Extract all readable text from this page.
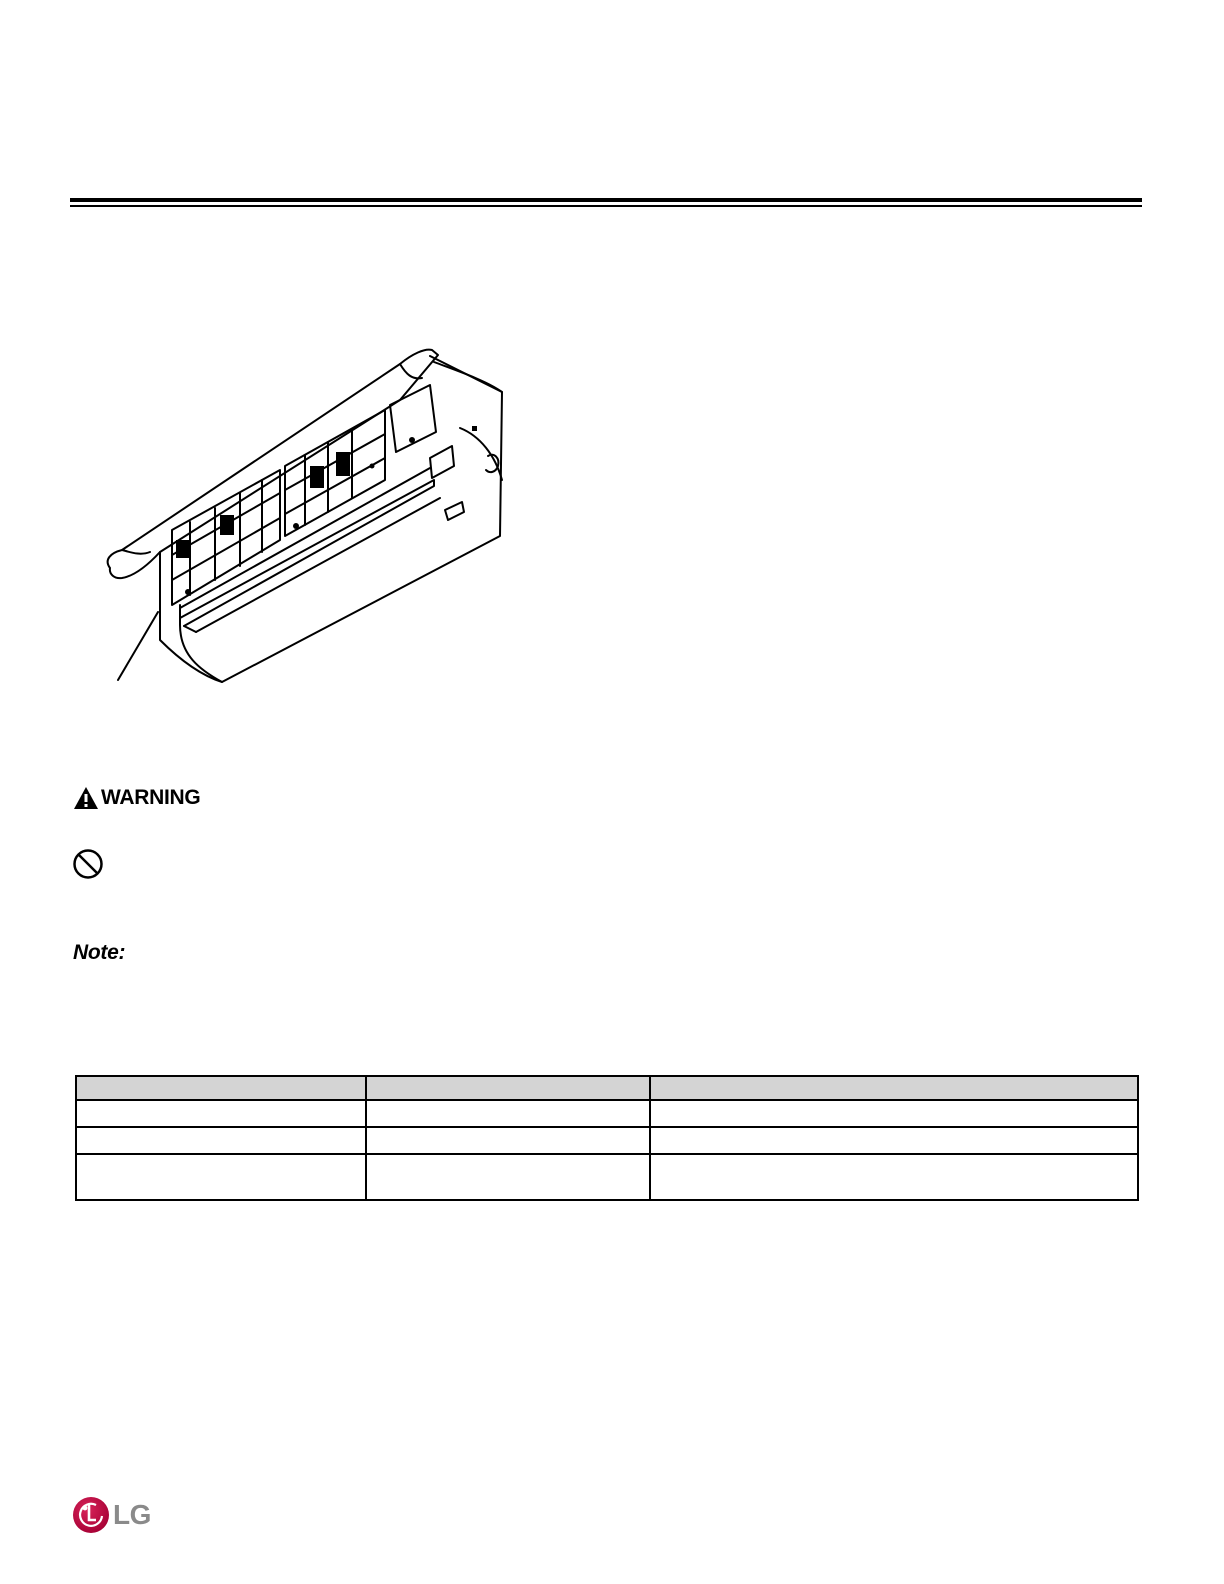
WARNING
Note:

LG
